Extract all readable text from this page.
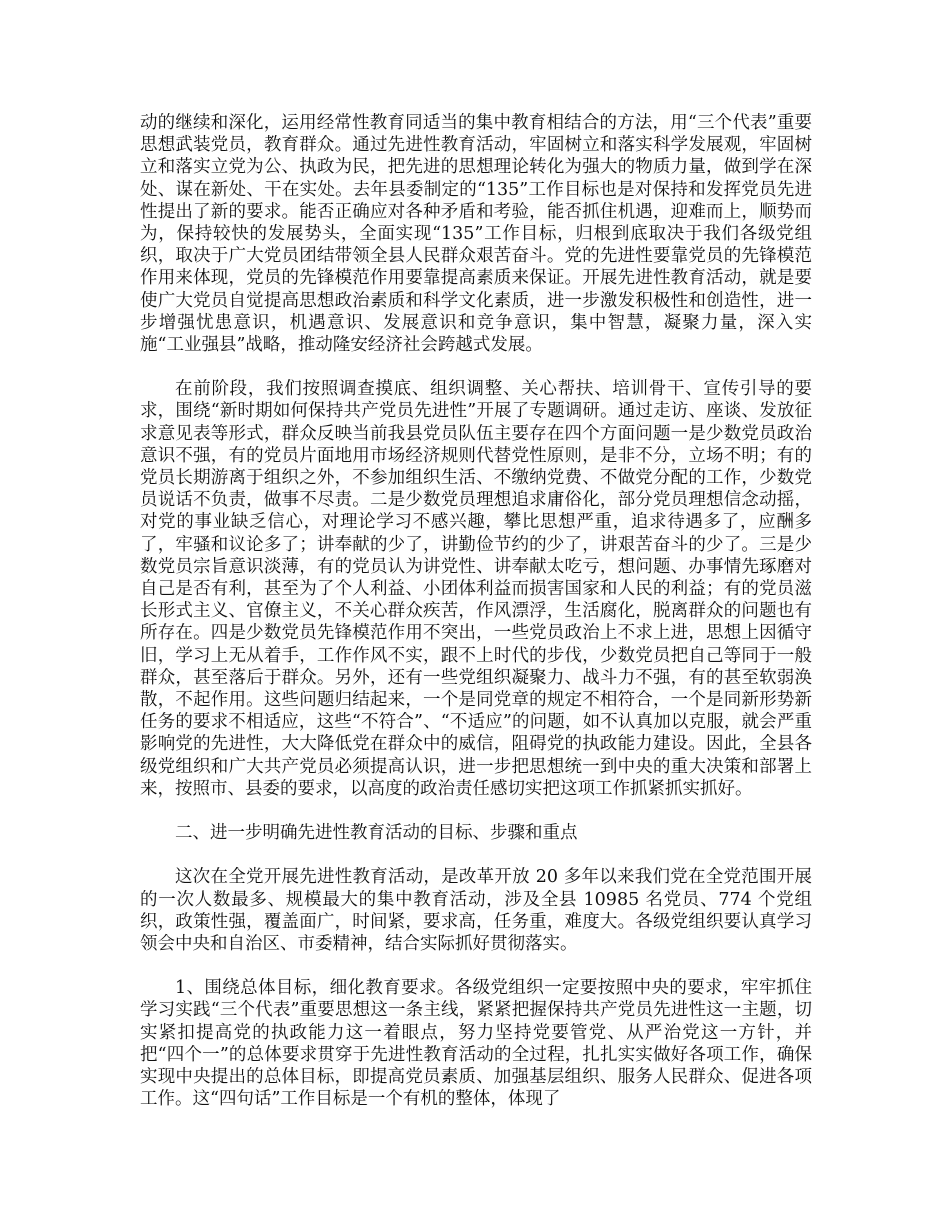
动的继续和深化，运用经常性教育同适当的集中教育相结合的方法，用“三个代表”重要思想武装党员，教育群众。通过先进性教育活动，牢固树立和落实科学发展观，牢固树立和落实立党为公、执政为民，把先进的思想理论转化为强大的物质力量，做到学在深处、谋在新处、干在实处。去年县委制定的“135”工作目标也是对保持和发挥党员先进性提出了新的要求。能否正确应对各种矛盾和考验，能否抓住机遇，迎难而上，顺势而为，保持较快的发展势头，全面实现“135”工作目标，归根到底取决于我们各级党组织，取决于广大党员团结带领全县人民群众艰苦奋斗。党的先进性要靠党员的先锋模范作用来体现，党员的先锋模范作用要靠提高素质来保证。开展先进性教育活动，就是要使广大党员自觉提高思想政治素质和科学文化素质，进一步激发积极性和创造性，进一步增强忧患意识，机遇意识、发展意识和竞争意识，集中智慧，凝聚力量，深入实施“工业强县”战略，推动隆安经济社会跨越式发展。

在前阶段，我们按照调查摸底、组织调整、关心帮扶、培训骨干、宣传引导的要求，围绕“新时期如何保持共产党员先进性”开展了专题调研。通过走访、座谈、发放征求意见表等形式，群众反映当前我县党员队伍主要存在四个方面问题一是少数党员政治意识不强，有的党员片面地用市场经济规则代替党性原则，是非不分，立场不明；有的党员长期游离于组织之外，不参加组织生活、不缴纳党费、不做党分配的工作，少数党员说话不负责，做事不尽责。二是少数党员理想追求庸俗化，部分党员理想信念动摇，对党的事业缺乏信心，对理论学习不感兴趣，攀比思想严重，追求待遇多了，应酬多了，牢骚和议论多了；讲奉献的少了，讲勤俭节约的少了，讲艰苦奋斗的少了。三是少数党员宗旨意识淡薄，有的党员认为讲党性、讲奉献太吃亏，想问题、办事情先琢磨对自己是否有利，甚至为了个人利益、小团体利益而损害国家和人民的利益；有的党员滋长形式主义、官僚主义，不关心群众疾苦，作风漂浮，生活腐化，脱离群众的问题也有所存在。四是少数党员先锋模范作用不突出，一些党员政治上不求上进，思想上因循守旧，学习上无从着手，工作作风不实，跟不上时代的步伐，少数党员把自己等同于一般群众，甚至落后于群众。另外，还有一些党组织凝聚力、战斗力不强，有的甚至软弱涣散，不起作用。这些问题归结起来，一个是同党章的规定不相符合，一个是同新形势新任务的要求不相适应，这些“不符合”、“不适应”的问题，如不认真加以克服，就会严重影响党的先进性，大大降低党在群众中的威信，阻碍党的执政能力建设。因此，全县各级党组织和广大共产党员必须提高认识，进一步把思想统一到中央的重大决策和部署上来，按照市、县委的要求，以高度的政治责任感切实把这项工作抓紧抓实抓好。

二、进一步明确先进性教育活动的目标、步骤和重点

这次在全党开展先进性教育活动，是改革开放 20 多年以来我们党在全党范围开展的一次人数最多、规模最大的集中教育活动，涉及全县 10985 名党员、774 个党组织，政策性强，覆盖面广，时间紧，要求高，任务重，难度大。各级党组织要认真学习领会中央和自治区、市委精神，结合实际抓好贯彻落实。

1、围绕总体目标，细化教育要求。各级党组织一定要按照中央的要求，牢牢抓住学习实践“三个代表”重要思想这一条主线，紧紧把握保持共产党员先进性这一主题，切实紧扣提高党的执政能力这一着眼点，努力坚持党要管党、从严治党这一方针，并把“四个一”的总体要求贯穿于先进性教育活动的全过程，扎扎实实做好各项工作，确保实现中央提出的总体目标，即提高党员素质、加强基层组织、服务人民群众、促进各项工作。这“四句话”工作目标是一个有机的整体，体现了
